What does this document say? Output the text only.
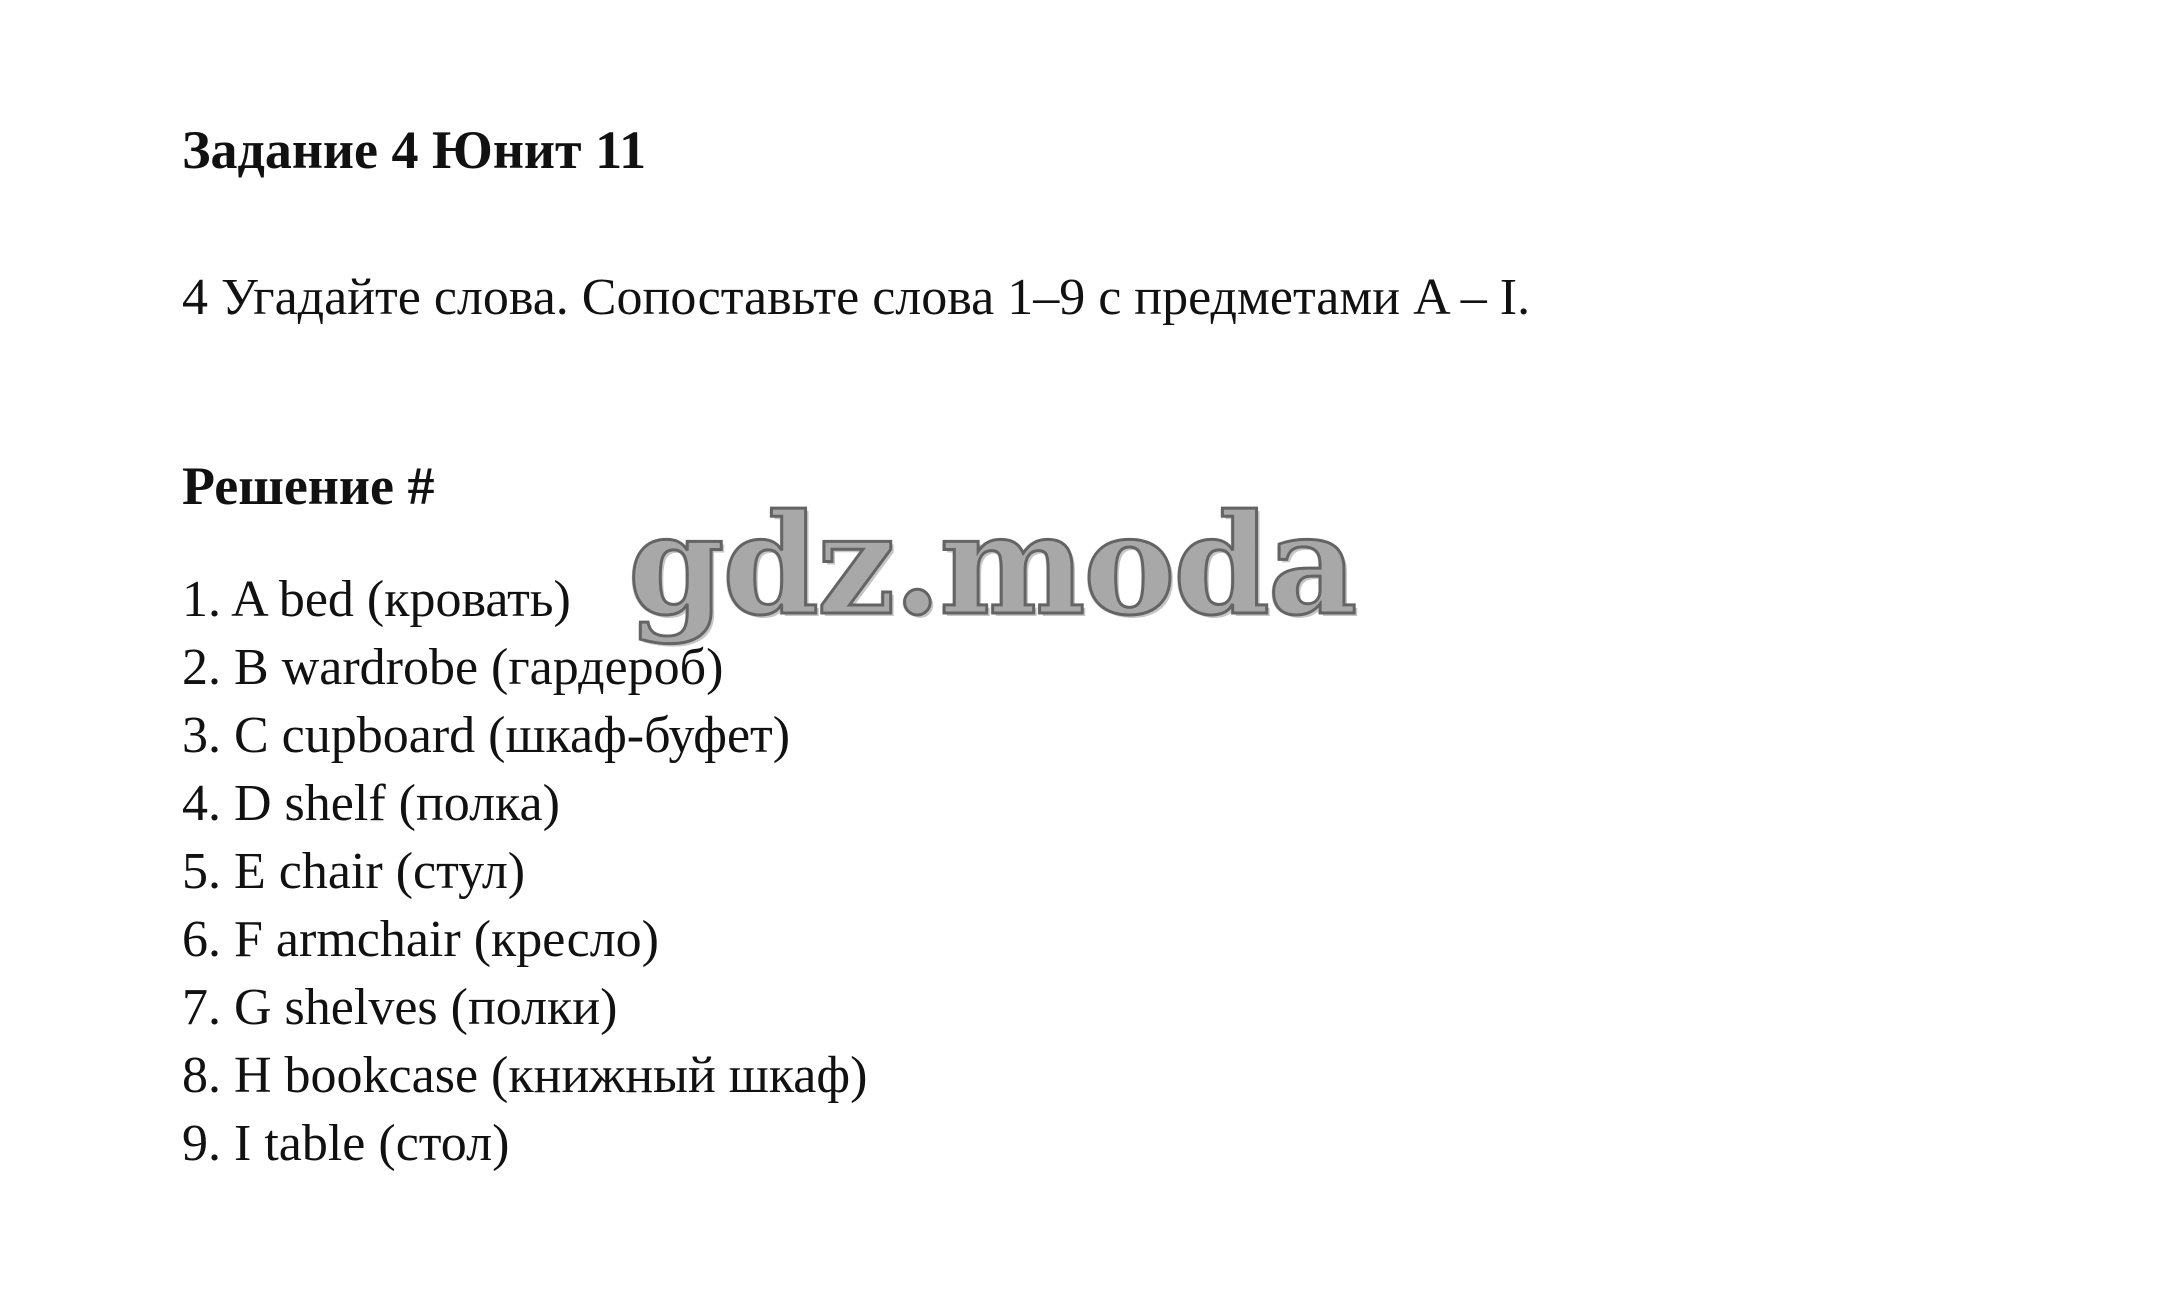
Задание 4 Юнит 11
4 Угадайте слова. Сопоставьте слова 1–9 с предметами A – I.
Решение #
1. A bed (кровать)
2. B wardrobe (гардероб)
3. C cupboard (шкаф-буфет)
4. D shelf (полка)
5. E chair (стул)
6. F armchair (кресло)
7. G shelves (полки)
8. H bookcase (книжный шкаф)
9. I table (стол)
gdz.moda
